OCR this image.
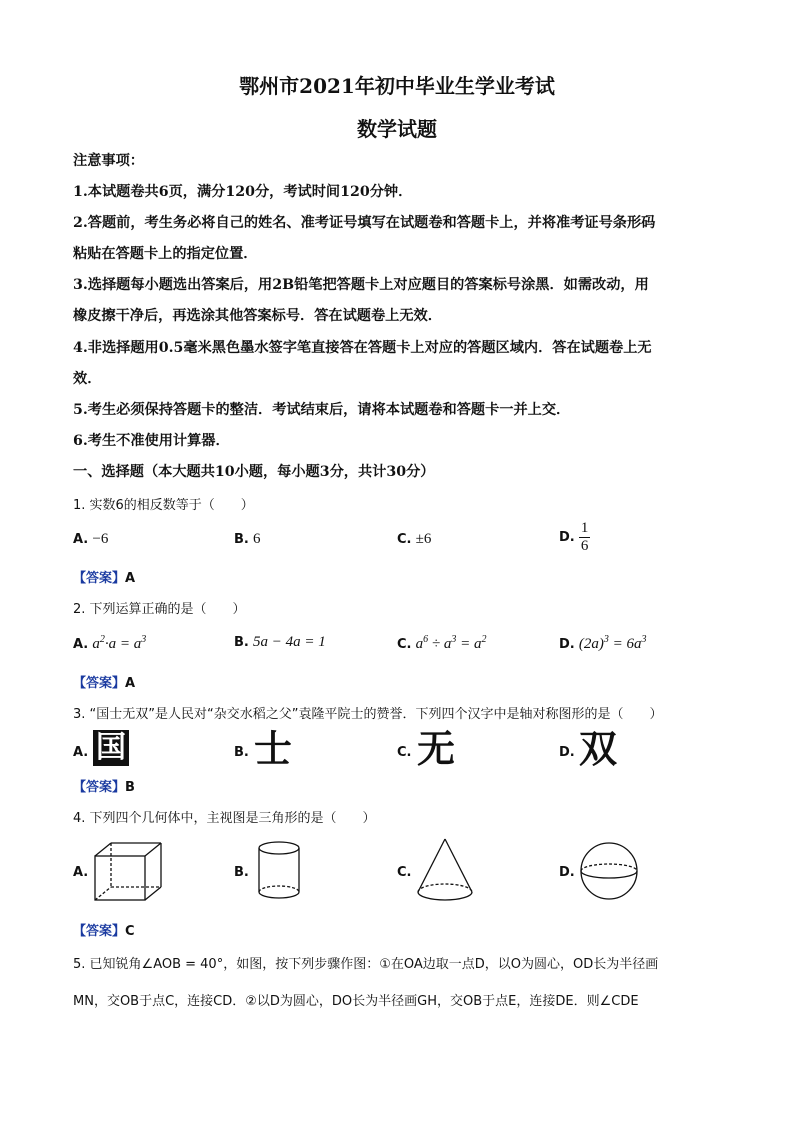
鄂州市2021年初中毕业生学业考试
数学试题
注意事项：
1.本试题卷共6页，满分120分，考试时间120分钟．
2.答题前，考生务必将自己的姓名、准考证号填写在试题卷和答题卡上，并将准考证号条形码
粘贴在答题卡上的指定位置．
3.选择题每小题选出答案后，用2B铅笔把答题卡上对应题目的答案标号涂黑．如需改动，用
橡皮擦干净后，再选涂其他答案标号．答在试题卷上无效．
4.非选择题用0.5毫米黑色墨水签字笔直接答在答题卡上对应的答题区域内．答在试题卷上无
效．
5.考生必须保持答题卡的整洁．考试结束后，请将本试题卷和答题卡一并上交．
6.考生不准使用计算器．
一、选择题（本大题共10小题，每小题3分，共计30分）
1. 实数6的相反数等于（　　）
A. −6	B. 6	C. ±6	D. $\frac{1}{6}$
【答案】A
2. 下列运算正确的是（　　）
A. $a^2\cdot a = a^3$	B. 5a − 4a = 1	C. $a^6 \div a^3 = a^2$	D. $(2a)^3 = 6a^3$
【答案】A
3. “国士无双”是人民对“杂交水稻之父”袁隆平院士的赞誉．下列四个汉字中是轴对称图形的是（　　）
A. 国	B. 士	C. 无	D. 双
【答案】B
4. 下列四个几何体中，主视图是三角形的是（　　）
A.	B.	C.	D.
【答案】C
5. 已知锐角∠AOB = 40°，如图，按下列步骤作图：①在OA边取一点D，以O为圆心，OD长为半径画
MN，交OB于点C，连接CD．②以D为圆心，DO长为半径画GH，交OB于点E，连接DE．则∠CDE
